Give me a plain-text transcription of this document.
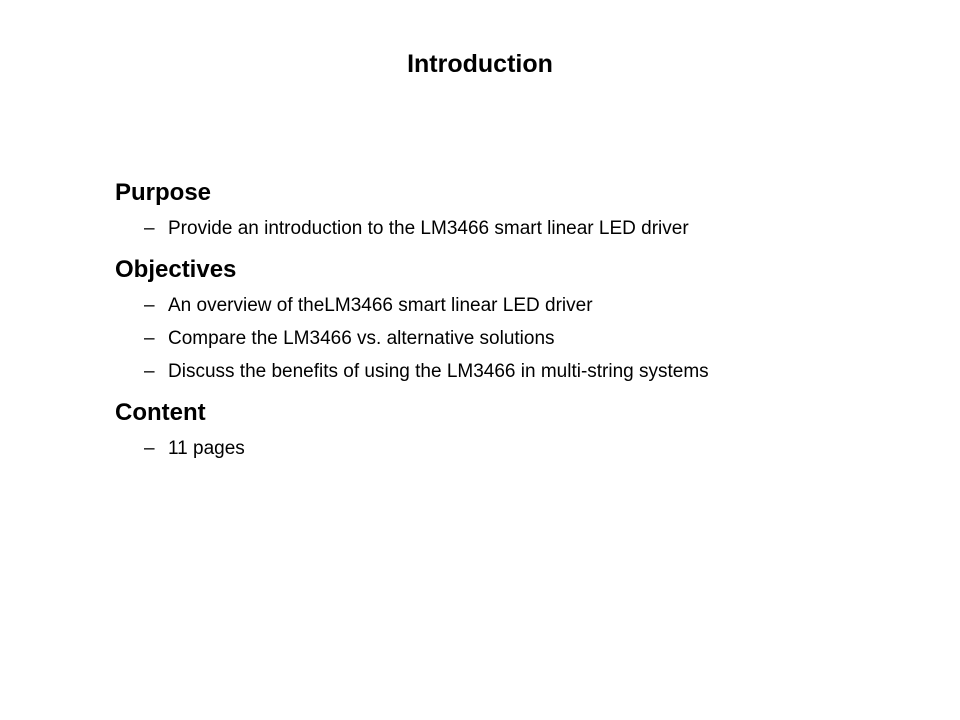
Introduction
Purpose
– Provide an introduction to the LM3466 smart linear LED driver
Objectives
– An overview of theLM3466 smart linear LED driver
– Compare the LM3466 vs. alternative solutions
– Discuss the benefits of using the LM3466 in multi-string systems
Content
– 11 pages
